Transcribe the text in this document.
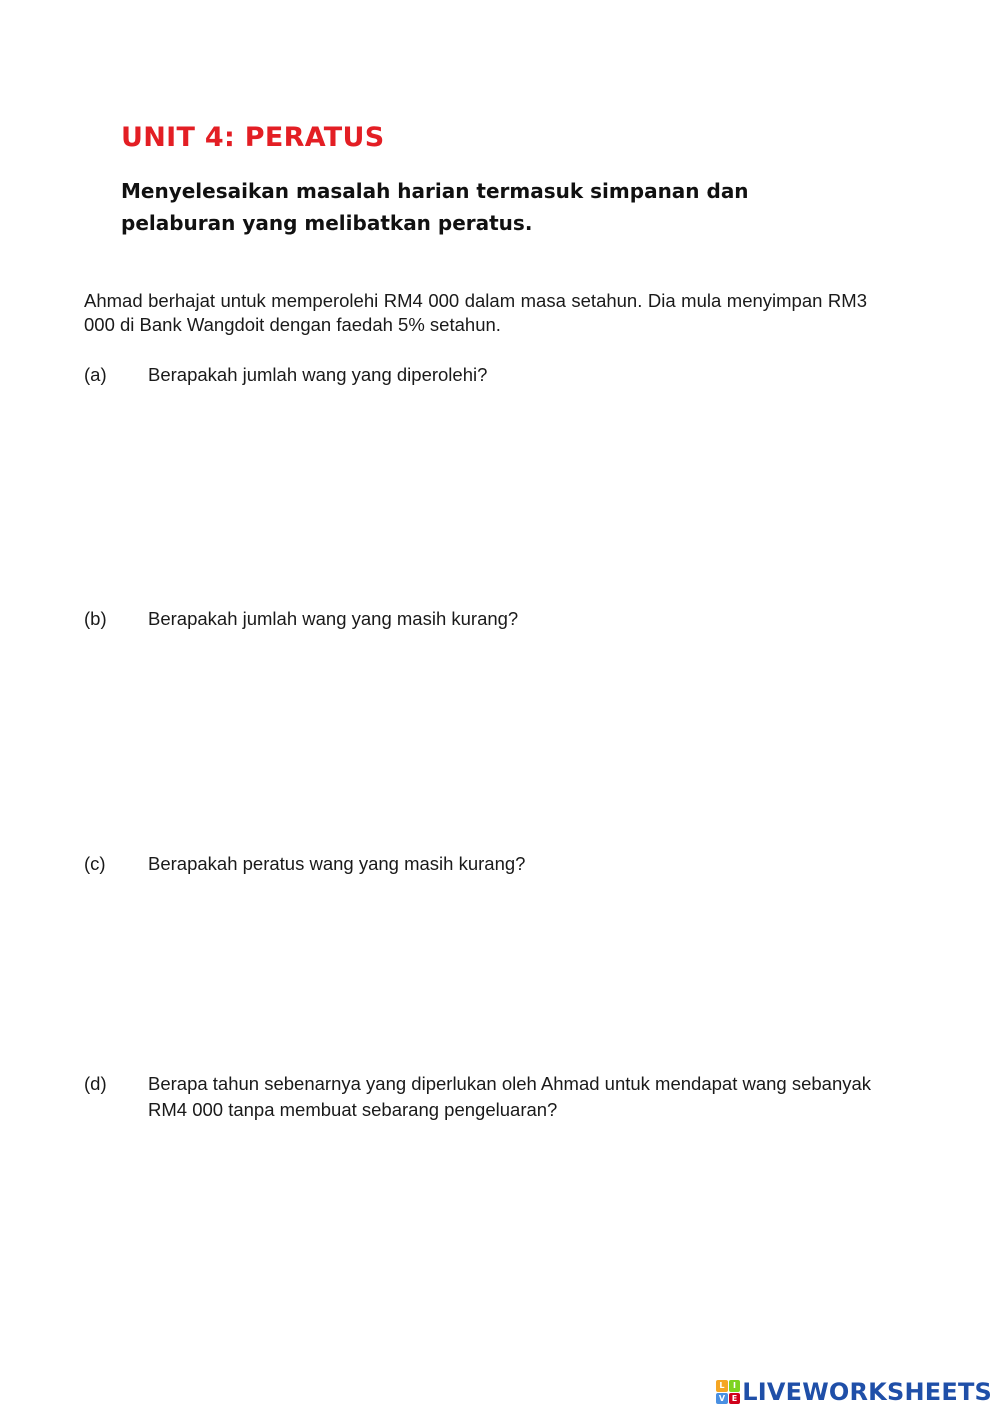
UNIT 4: PERATUS
Menyelesaikan masalah harian termasuk simpanan dan pelaburan yang melibatkan peratus.
Ahmad berhajat untuk memperolehi RM4 000 dalam masa setahun. Dia mula menyimpan RM3 000 di Bank Wangdoit dengan faedah 5% setahun.
(a)	Berapakah jumlah wang yang diperolehi?
(b)	Berapakah jumlah wang yang masih kurang?
(c)	Berapakah peratus wang yang masih kurang?
(d)	Berapa tahun sebenarnya yang diperlukan oleh Ahmad untuk mendapat wang sebanyak RM4 000 tanpa membuat sebarang pengeluaran?
L	I
V E LIVEWORKSHEETS
